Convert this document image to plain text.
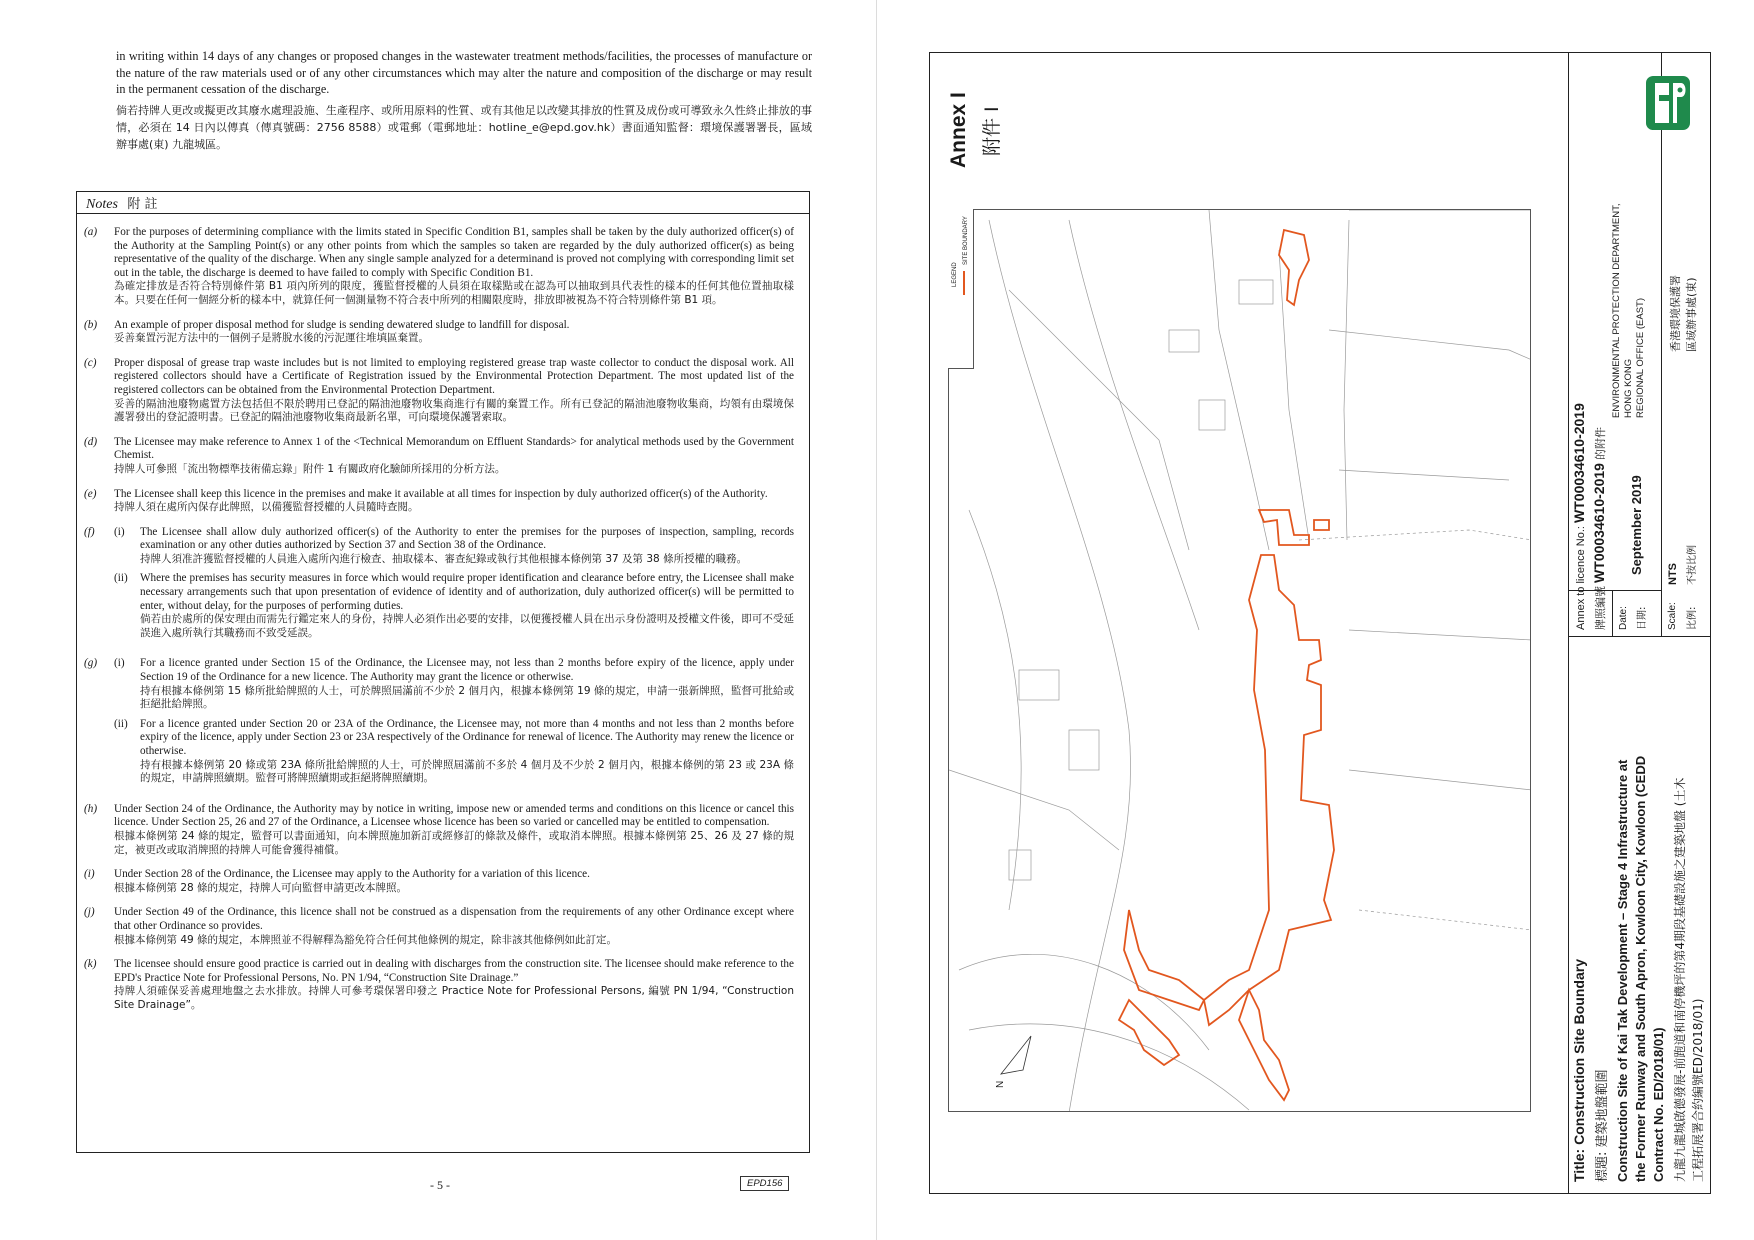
in writing within 14 days of any changes or proposed changes in the wastewater treatment methods/facilities, the processes of manufacture or the nature of the raw materials used or of any other circumstances which may alter the nature and composition of the discharge or may result in the permanent cessation of the discharge.

倘若持牌人更改或擬更改其廢水處理設施、生產程序、或所用原料的性質、或有其他足以改變其排放的性質及成份或可導致永久性終止排放的事情，必須在 14 日內以傳真（傳真號碼：2756 8588）或電郵（電郵地址：hotline_e@epd.gov.hk）書面通知監督：環境保護署署長，區域辦事處(東) 九龍城區。

Notes 附 註
(a)	For the purposes of determining compliance with the limits stated in Specific Condition B1, samples shall be taken by the duly authorized officer(s) of the Authority at the Sampling Point(s) or any other points from which the samples so taken are regarded by the duly authorized officer(s) as being representative of the quality of the discharge. When any single sample analyzed for a determinand is proved not complying with corresponding limit set out in the table, the discharge is deemed to have failed to comply with Specific Condition B1.
為確定排放是否符合特別條件第 B1 項內所列的限度，獲監督授權的人員須在取樣點或在認為可以抽取到具代表性的樣本的任何其他位置抽取樣本。只要在任何一個經分析的樣本中，就算任何一個測量物不符合表中所列的相關限度時，排放即被視為不符合特別條件第 B1 項。
(b)	An example of proper disposal method for sludge is sending dewatered sludge to landfill for disposal.
妥善棄置污泥方法中的一個例子是將脫水後的污泥運往堆填區棄置。
(c)	Proper disposal of grease trap waste includes but is not limited to employing registered grease trap waste collector to conduct the disposal work. All registered collectors should have a Certificate of Registration issued by the Environmental Protection Department. The most updated list of the registered collectors can be obtained from the Environmental Protection Department.
妥善的隔油池廢物處置方法包括但不限於聘用已登記的隔油池廢物收集商進行有關的棄置工作。所有已登記的隔油池廢物收集商，均領有由環境保護署發出的登記證明書。已登記的隔油池廢物收集商最新名單，可向環境保護署索取。
(d)	The Licensee may make reference to Annex 1 of the <Technical Memorandum on Effluent Standards> for analytical methods used by the Government Chemist.
持牌人可參照「流出物標準技術備忘錄」附件 1 有關政府化驗師所採用的分析方法。
(e)	The Licensee shall keep this licence in the premises and make it available at all times for inspection by duly authorized officer(s) of the Authority.
持牌人須在處所內保存此牌照，以備獲監督授權的人員隨時查閱。
(f)	(i)	The Licensee shall allow duly authorized officer(s) of the Authority to enter the premises for the purposes of inspection, sampling, records examination or any other duties authorized by Section 37 and Section 38 of the Ordinance.
持牌人須准許獲監督授權的人員進入處所內進行檢查、抽取樣本、審查紀錄或執行其他根據本條例第 37 及第 38 條所授權的職務。
(ii)	Where the premises has security measures in force which would require proper identification and clearance before entry, the Licensee shall make necessary arrangements such that upon presentation of evidence of identity and of authorization, duly authorized officer(s) will be permitted to enter, without delay, for the purposes of performing duties.
倘若由於處所的保安理由而需先行鑑定來人的身份，持牌人必須作出必要的安排，以便獲授權人員在出示身份證明及授權文件後，即可不受延誤進入處所執行其職務而不致受延誤。
(g)	(i)	For a licence granted under Section 15 of the Ordinance, the Licensee may, not less than 2 months before expiry of the licence, apply under Section 19 of the Ordinance for a new licence. The Authority may grant the licence or otherwise.
持有根據本條例第 15 條所批給牌照的人士，可於牌照屆滿前不少於 2 個月內，根據本條例第 19 條的規定，申請一張新牌照，監督可批給或拒絕批給牌照。
(ii)	For a licence granted under Section 20 or 23A of the Ordinance, the Licensee may, not more than 4 months and not less than 2 months before expiry of the licence, apply under Section 23 or 23A respectively of the Ordinance for renewal of licence. The Authority may renew the licence or otherwise.
持有根據本條例第 20 條或第 23A 條所批給牌照的人士，可於牌照屆滿前不多於 4 個月及不少於 2 個月內，根據本條例的第 23 或 23A 條的規定，申請牌照續期。監督可將牌照續期或拒絕將牌照續期。
(h)	Under Section 24 of the Ordinance, the Authority may by notice in writing, impose new or amended terms and conditions on this licence or cancel this licence. Under Section 25, 26 and 27 of the Ordinance, a Licensee whose licence has been so varied or cancelled may be entitled to compensation.
根據本條例第 24 條的規定，監督可以書面通知，向本牌照施加新訂或經修訂的條款及條件，或取消本牌照。根據本條例第 25、26 及 27 條的規定，被更改或取消牌照的持牌人可能會獲得補償。
(i)	Under Section 28 of the Ordinance, the Licensee may apply to the Authority for a variation of this licence.
根據本條例第 28 條的規定，持牌人可向監督申請更改本牌照。
(j)	Under Section 49 of the Ordinance, this licence shall not be construed as a dispensation from the requirements of any other Ordinance except where that other Ordinance so provides.
根據本條例第 49 條的規定，本牌照並不得解釋為豁免符合任何其他條例的規定，除非該其他條例如此訂定。
(k)	The licensee should ensure good practice is carried out in dealing with discharges from the construction site. The licensee should make reference to the EPD's Practice Note for Professional Persons, No. PN 1/94, “Construction Site Drainage.”
持牌人須確保妥善處理地盤之去水排放。持牌人可參考環保署印發之 Practice Note for Professional Persons, 編號 PN 1/94, “Construction Site Drainage”。
- 5 -	EPD156
Annex I 附件 I
LEGEND
SITE BOUNDARY
N	Title: Construction Site Boundary 標題: 建築地盤範圍 Construction Site of Kai Tak Development – Stage 4 Infrastructure at the Former Runway and South Apron, Kowloon City, Kowloon (CEDD Contract No. ED/2018/01) 九龍九龍城啟德發展-前跑道和南停機坪的第4期段基礎設施之建築地盤 (土木 工程拓展署合約編號ED/2018/01)
Annex to licence No.: WT00034610-2019
牌照編號 WT00034610-2019 的附件
Date: 日期:
September 2019
Scale: 比例:
NTS 不按比例
ENVIRONMENTAL PROTECTION DEPARTMENT, HONG KONG REGIONAL OFFICE (EAST) 香港環境保護署 區域辦事處(東)
